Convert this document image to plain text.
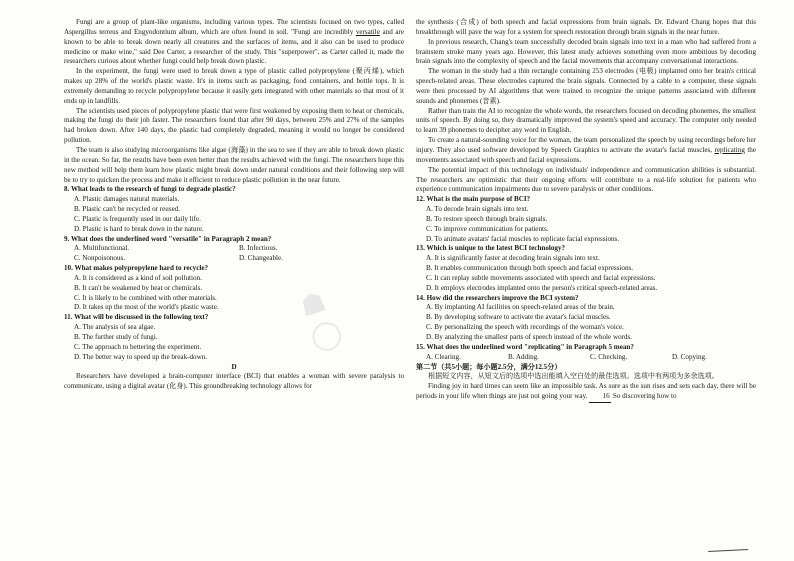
☗ ◯

Fungi are a group of plant-like organisms, including various types. The scientists focused on two types, called Aspergillus terreus and Engyodontium album, which are often found in soil. "Fungi are incredibly versatile and are known to be able to break down nearly all creatures and the surfaces of items, and it also can be used to produce medicine or make wine," said Dee Carter, a researcher of the study. This "superpower", as Carter called it, made the researchers curious about whether fungi could help break down plastic.

In the experiment, the fungi were used to break down a type of plastic called polypropylene (聚丙烯), which makes up 28% of the world's plastic waste. It's in items such as packaging, food containers, and bottle tops. It is extremely demanding to recycle polypropylene because it easily gets integrated with other materials so that most of it ends up in landfills.

The scientists used pieces of polypropylene plastic that were first weakened by exposing them to heat or chemicals, making the fungi do their job faster. The researchers found that after 90 days, between 25% and 27% of the samples had broken down. After 140 days, the plastic had completely degraded, meaning it would no longer be considered pollution.

The team is also studying microorganisms like algae (海藻) in the sea to see if they are able to break down plastic in the ocean. So far, the results have been even better than the results achieved with the fungi. The researchers hope this new method will help them learn how plastic might break down under natural conditions and their following step will be to try to quicken the process and make it efficient to reduce plastic pollution in the near future.

8. What leads to the research of fungi to degrade plastic?
A. Plastic damages natural materials.
B. Plastic can't be recycled or reused.
C. Plastic is frequently used in our daily life.
D. Plastic is hard to break down in the nature.
9. What does the underlined word "versatile" in Paragraph 2 mean?
A. Multifunctional.	B. Infectious.
C. Nonpoisonous.	D. Changeable.
10. What makes polypropylene hard to recycle?
A. It is considered as a kind of soil pollution.
B. It can't be weakened by heat or chemicals.
C. It is likely to be combined with other materials.
D. It takes up the most of the world's plastic waste.
11. What will be discussed in the following text?
A. The analysis of sea algae.
B. The further study of fungi.
C. The approach to bettering the experiment.
D. The better way to speed up the break-down.
D

Researchers have developed a brain-computer interface (BCI) that enables a woman with severe paralysis to communicate, using a digital avatar (化身). This groundbreaking technology allows for

the synthesis (合成) of both speech and facial expressions from brain signals. Dr. Edward Chang hopes that this breakthrough will pave the way for a system for speech restoration through brain signals in the near future.

In previous research, Chang's team successfully decoded brain signals into text in a man who had suffered from a brainstem stroke many years ago. However, this latest study achieves something even more ambitious by decoding brain signals into the complexity of speech and the facial movements that accompany conversational interactions.

The woman in the study had a thin rectangle containing 253 electrodes (电极) implanted onto her brain's critical speech-related areas. These electrodes captured the brain signals. Connected by a cable to a computer, these signals were then processed by AI algorithms that were trained to recognize the unique patterns associated with different sounds and phonemes (音素).

Rather than train the AI to recognize the whole words, the researchers focused on decoding phonemes, the smallest units of speech. By doing so, they dramatically improved the system's speed and accuracy. The computer only needed to learn 39 phonemes to decipher any word in English.

To create a natural-sounding voice for the woman, the team personalized the speech by using recordings before her injury. They also used software developed by Speech Graphics to activate the avatar's facial muscles, replicating the movements associated with speech and facial expressions.

The potential impact of this technology on individuals' independence and communication abilities is substantial. The researchers are optimistic that their ongoing efforts will contribute to a real-life solution for patients who experience communication impairments due to severe paralysis or other conditions.

12. What is the main purpose of BCI?
A. To decode brain signals into text.
B. To restore speech through brain signals.
C. To improve communication for patients.
D. To animate avatars' facial muscles to replicate facial expressions.
13. Which is unique to the latest BCI technology?
A. It is significantly faster at decoding brain signals into text.
B. It enables communication through both speech and facial expressions.
C. It can replay subtle movements associated with speech and facial expressions.
D. It employs electrodes implanted onto the person's critical speech-related areas.
14. How did the researchers improve the BCI system?
A. By implanting AI facilities on speech-related areas of the brain.
B. By developing software to activate the avatar's facial muscles.
C. By personalizing the speech with recordings of the woman's voice.
D. By analyzing the smallest parts of speech instead of the whole words.
15. What does the underlined word "replicating" in Paragraph 5 mean?
A. Clearing.	B. Adding.	C. Checking.	D. Copying.
第二节（共5小题；每小题2.5分，满分12.5分）

根据短文内容，从短文后的选项中选出能填入空白处的最佳选项。选项中有两项为多余选项。

Finding joy in hard times can seem like an impossible task. As sure as the sun rises and sets each day, there will be periods in your life when things are just not going your way. 16 So discovering how to
